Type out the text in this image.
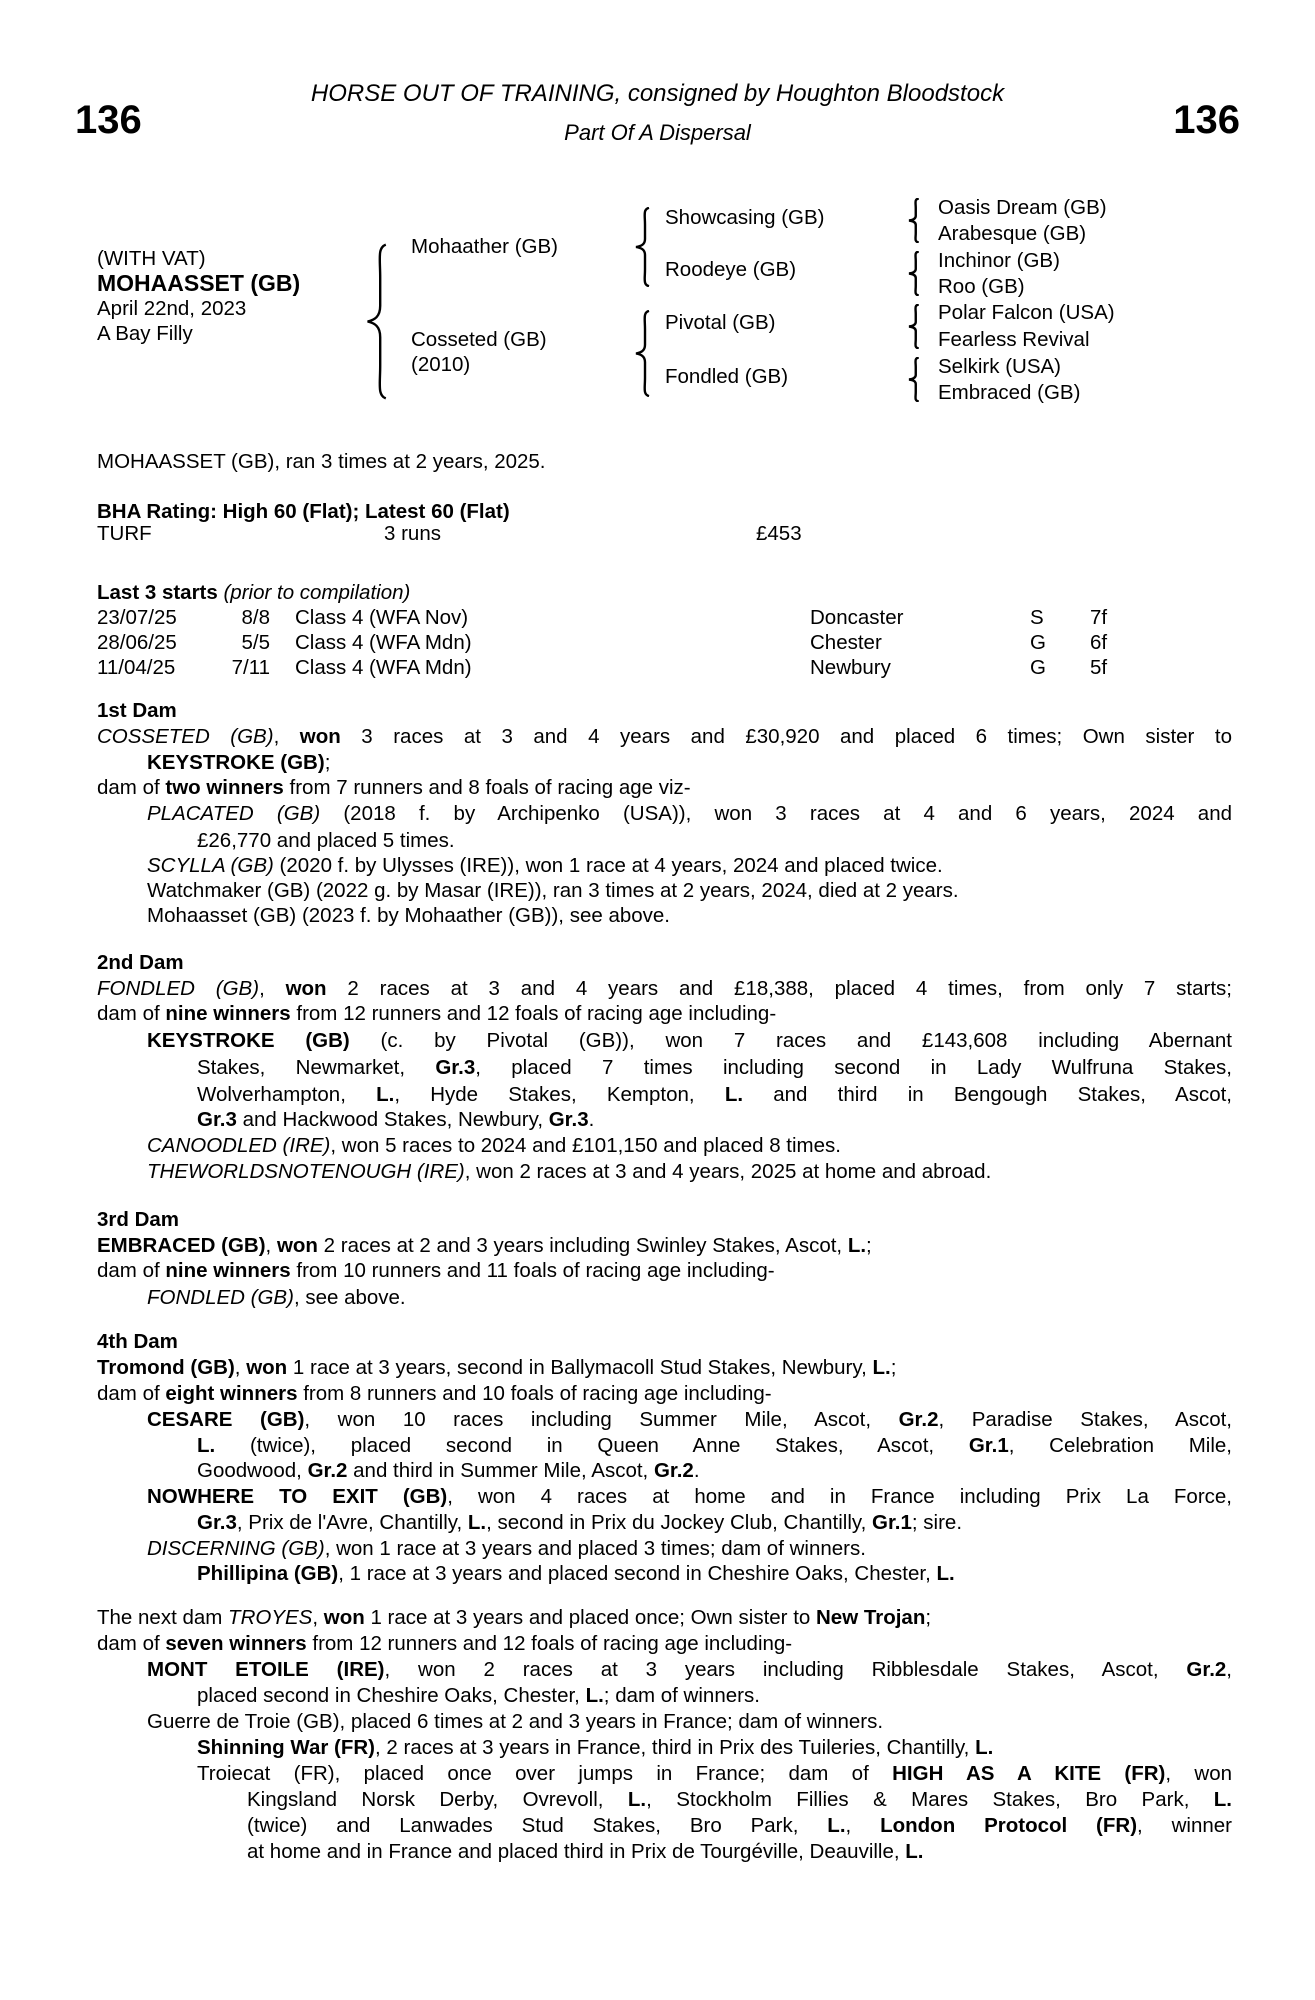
HORSE OUT OF TRAINING, consigned by Houghton Bloodstock
Part Of A Dispersal
136	136
(WITH VAT)
MOHAASSET (GB)
April 22nd, 2023
A Bay Filly
Mohaather (GB)
Cosseted (GB)
(2010)
Showcasing (GB)
Roodeye (GB)
Pivotal (GB)
Fondled (GB)
Oasis Dream (GB)
Arabesque (GB)
Inchinor (GB)
Roo (GB)
Polar Falcon (USA)
Fearless Revival
Selkirk (USA)
Embraced (GB)
MOHAASSET (GB), ran 3 times at 2 years, 2025.
BHA Rating: High 60 (Flat); Latest 60 (Flat)
TURF	3 runs	£453
Last 3 starts (prior to compilation)
23/07/25	8/8 Class 4 (WFA Nov)	Doncaster	S 7f
28/06/25	5/5 Class 4 (WFA Mdn)	Chester	G 6f
11/04/25	7/11 Class 4 (WFA Mdn)	Newbury	G 5f
1st Dam
COSSETED (GB), won 3 races at 3 and 4 years and £30,920 and placed 6 times; Own sister to
KEYSTROKE (GB);
dam of two winners from 7 runners and 8 foals of racing age viz-
PLACATED (GB) (2018 f. by Archipenko (USA)), won 3 races at 4 and 6 years, 2024 and
£26,770 and placed 5 times.
SCYLLA (GB) (2020 f. by Ulysses (IRE)), won 1 race at 4 years, 2024 and placed twice.
Watchmaker (GB) (2022 g. by Masar (IRE)), ran 3 times at 2 years, 2024, died at 2 years.
Mohaasset (GB) (2023 f. by Mohaather (GB)), see above.
2nd Dam
FONDLED (GB), won 2 races at 3 and 4 years and £18,388, placed 4 times, from only 7 starts;
dam of nine winners from 12 runners and 12 foals of racing age including-
KEYSTROKE (GB) (c. by Pivotal (GB)), won 7 races and £143,608 including Abernant
Stakes, Newmarket, Gr.3, placed 7 times including second in Lady Wulfruna Stakes,
Wolverhampton, L., Hyde Stakes, Kempton, L. and third in Bengough Stakes, Ascot,
Gr.3 and Hackwood Stakes, Newbury, Gr.3.
CANOODLED (IRE), won 5 races to 2024 and £101,150 and placed 8 times.
THEWORLDSNOTENOUGH (IRE), won 2 races at 3 and 4 years, 2025 at home and abroad.
3rd Dam
EMBRACED (GB), won 2 races at 2 and 3 years including Swinley Stakes, Ascot, L.;
dam of nine winners from 10 runners and 11 foals of racing age including-
FONDLED (GB), see above.
4th Dam
Tromond (GB), won 1 race at 3 years, second in Ballymacoll Stud Stakes, Newbury, L.;
dam of eight winners from 8 runners and 10 foals of racing age including-
CESARE (GB), won 10 races including Summer Mile, Ascot, Gr.2, Paradise Stakes, Ascot,
L. (twice), placed second in Queen Anne Stakes, Ascot, Gr.1, Celebration Mile,
Goodwood, Gr.2 and third in Summer Mile, Ascot, Gr.2.
NOWHERE TO EXIT (GB), won 4 races at home and in France including Prix La Force,
Gr.3, Prix de l'Avre, Chantilly, L., second in Prix du Jockey Club, Chantilly, Gr.1; sire.
DISCERNING (GB), won 1 race at 3 years and placed 3 times; dam of winners.
Phillipina (GB), 1 race at 3 years and placed second in Cheshire Oaks, Chester, L.
The next dam TROYES, won 1 race at 3 years and placed once; Own sister to New Trojan;
dam of seven winners from 12 runners and 12 foals of racing age including-
MONT ETOILE (IRE), won 2 races at 3 years including Ribblesdale Stakes, Ascot, Gr.2,
placed second in Cheshire Oaks, Chester, L.; dam of winners.
Guerre de Troie (GB), placed 6 times at 2 and 3 years in France; dam of winners.
Shinning War (FR), 2 races at 3 years in France, third in Prix des Tuileries, Chantilly, L.
Troiecat (FR), placed once over jumps in France; dam of HIGH AS A KITE (FR), won
Kingsland Norsk Derby, Ovrevoll, L., Stockholm Fillies & Mares Stakes, Bro Park, L.
(twice) and Lanwades Stud Stakes, Bro Park, L., London Protocol (FR), winner
at home and in France and placed third in Prix de Tourgéville, Deauville, L.
